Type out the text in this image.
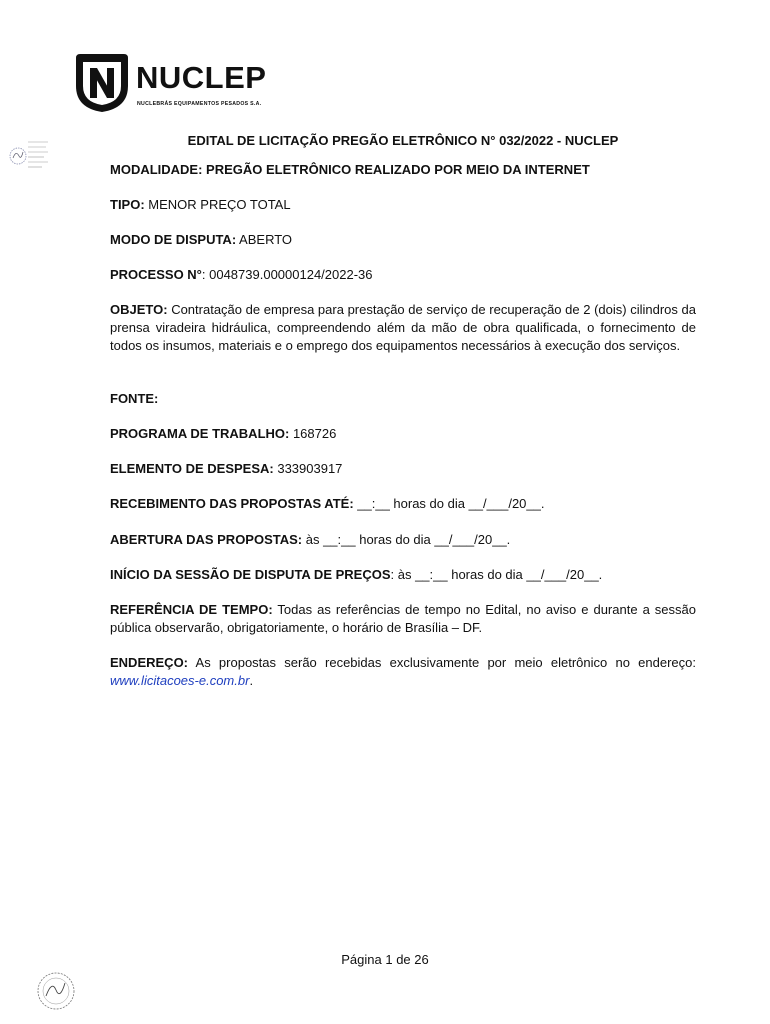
NUCLEP
NUCLEBRÁS EQUIPAMENTOS PESADOS S.A.
EDITAL DE LICITAÇÃO PREGÃO ELETRÔNICO N° 032/2022 - NUCLEP
MODALIDADE: PREGÃO ELETRÔNICO REALIZADO POR MEIO DA INTERNET
TIPO: MENOR PREÇO TOTAL
MODO DE DISPUTA: ABERTO
PROCESSO N°: 0048739.00000124/2022-36
OBJETO: Contratação de empresa para prestação de serviço de recuperação de 2 (dois) cilindros da prensa viradeira hidráulica, compreendendo além da mão de obra qualificada, o fornecimento de todos os insumos, materiais e o emprego dos equipamentos necessários à execução dos serviços.
FONTE:
PROGRAMA DE TRABALHO: 168726
ELEMENTO DE DESPESA: 333903917
RECEBIMENTO DAS PROPOSTAS ATÉ: __:__ horas do dia __/___/20__.
ABERTURA DAS PROPOSTAS: às __:__ horas do dia __/___/20__.
INÍCIO DA SESSÃO DE DISPUTA DE PREÇOS: às __:__ horas do dia __/___/20__.
REFERÊNCIA DE TEMPO: Todas as referências de tempo no Edital, no aviso e durante a sessão pública observarão, obrigatoriamente, o horário de Brasília – DF.
ENDEREÇO: As propostas serão recebidas exclusivamente por meio eletrônico no endereço: www.licitacoes-e.com.br.
Página 1 de 26
